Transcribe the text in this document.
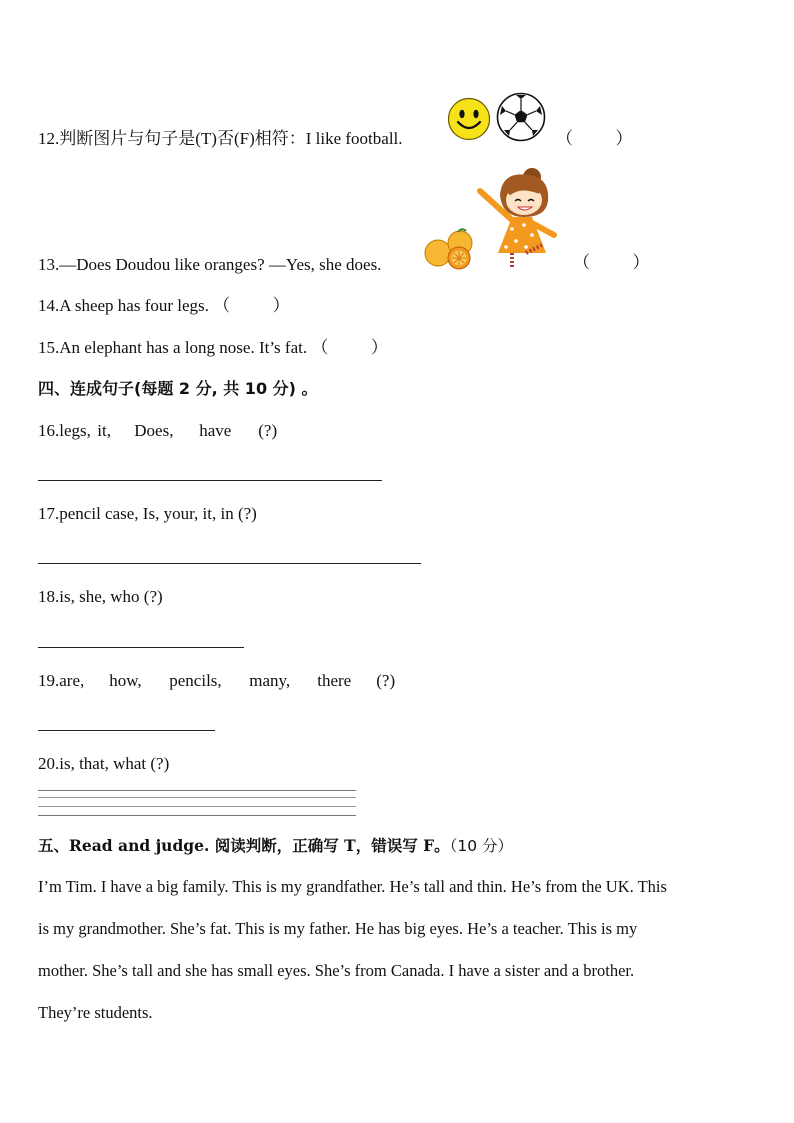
12.判断图片与句子是(T)否(F)相符：I like football.	（          ）
13.—Does Doudou like oranges? —Yes, she does.	（          ）
14.A sheep has four legs. （          ）
15.An elephant has a long nose. It’s fat. （          ）
四、连成句子(每题 2 分, 共 10 分) 。
16.legs, it, Does, have (?)
17.pencil case, Is, your, it, in (?)
18.is, she, who (?)
19.are, how, pencils, many, there (?)
20.is, that, what (?)
五、Read and judge. 阅读判断，正确写 T，错误写 F。（10 分）

I’m Tim. I have a big family. This is my grandfather. He’s tall and thin. He’s from the UK. This

is my grandmother. She’s fat. This is my father. He has big eyes. He’s a teacher. This is my

mother. She’s tall and she has small eyes. She’s from Canada. I have a sister and a brother.

They’re students.
